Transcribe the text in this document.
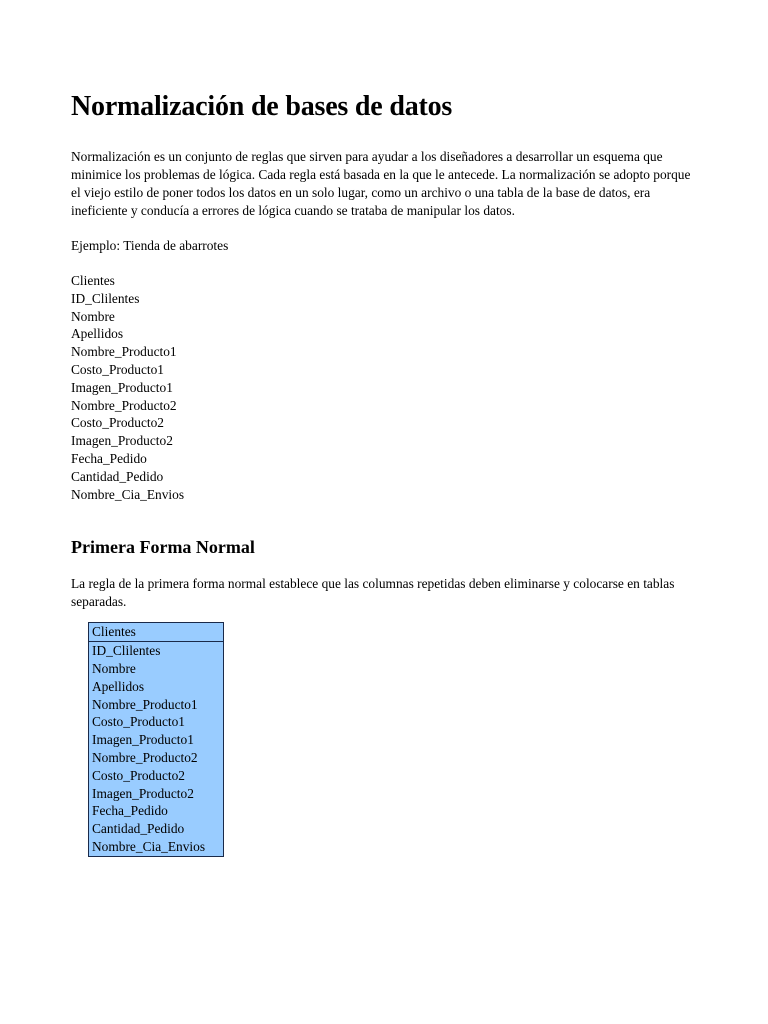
Normalización de bases de datos

Normalización es un conjunto de reglas que sirven para ayudar a los diseñadores a desarrollar un esquema que minimice los problemas de lógica. Cada regla está basada en la que le antecede. La normalización se adopto porque el viejo estilo de poner todos los datos en un solo lugar, como un archivo o una tabla de la base de datos, era ineficiente y conducía a errores de lógica cuando se trataba de manipular los datos.

Ejemplo: Tienda de abarrotes

Clientes
ID_Clilentes
Nombre
Apellidos
Nombre_Producto1
Costo_Producto1
Imagen_Producto1
Nombre_Producto2
Costo_Producto2
Imagen_Producto2
Fecha_Pedido
Cantidad_Pedido
Nombre_Cia_Envios
Primera Forma Normal

La regla de la primera forma normal establece que las columnas repetidas deben eliminarse y colocarse en tablas separadas.

Clientes
ID_Clilentes
Nombre
Apellidos
Nombre_Producto1
Costo_Producto1
Imagen_Producto1
Nombre_Producto2
Costo_Producto2
Imagen_Producto2
Fecha_Pedido
Cantidad_Pedido
Nombre_Cia_Envios
